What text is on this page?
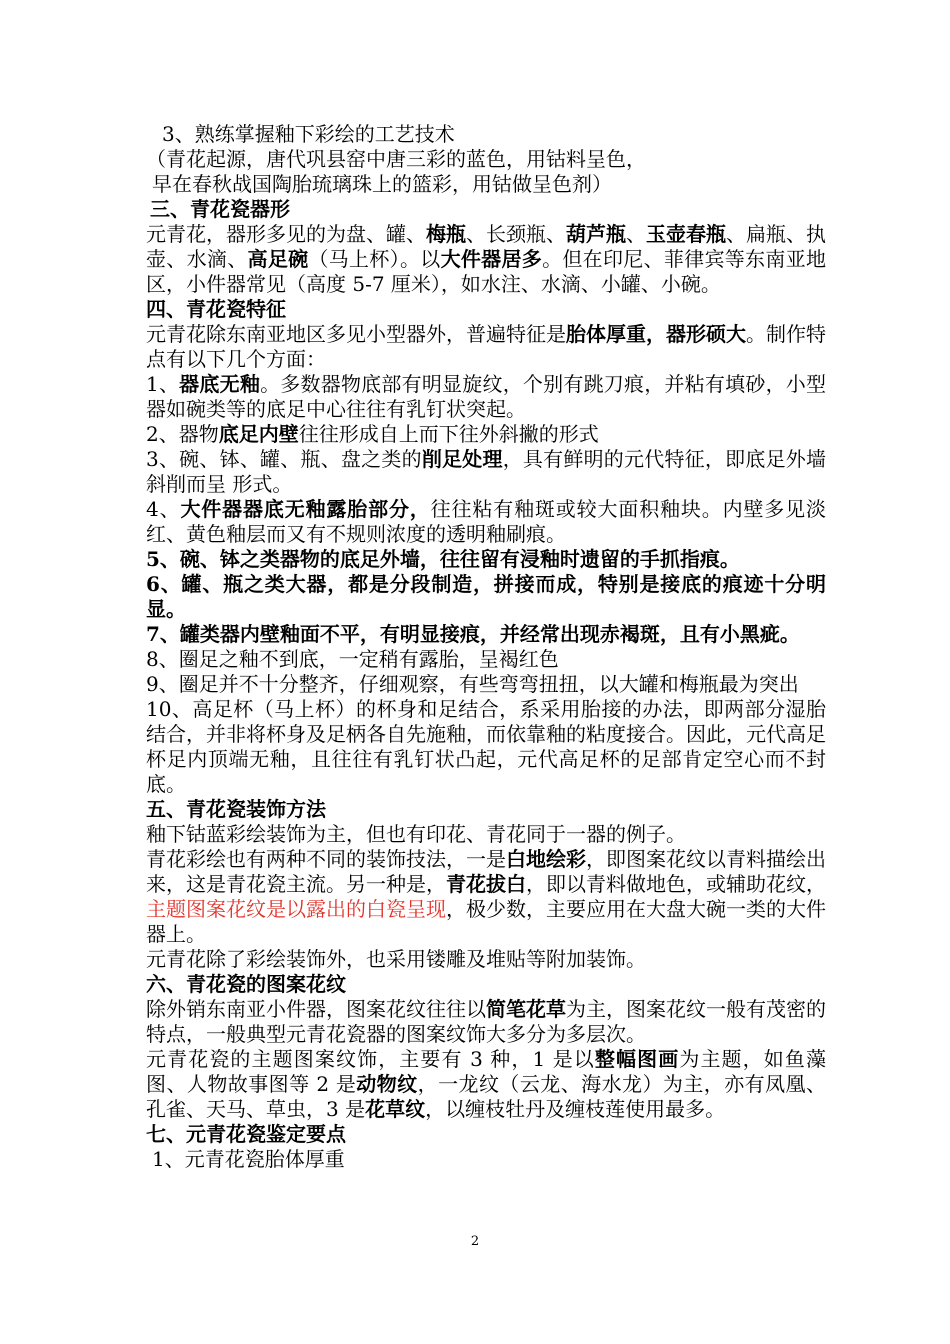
3、熟练掌握釉下彩绘的工艺技术

（青花起源，唐代巩县窑中唐三彩的蓝色，用钴料呈色，

早在春秋战国陶胎琉璃珠上的篮彩，用钴做呈色剂）

三、青花瓷器形

元青花，器形多见的为盘、罐、梅瓶、长颈瓶、葫芦瓶、玉壶春瓶、扁瓶、执壶、水滴、高足碗（马上杯）。以大件器居多。但在印尼、菲律宾等东南亚地区，小件器常见（高度 5-7 厘米），如水注、水滴、小罐、小碗。

四、青花瓷特征

元青花除东南亚地区多见小型器外，普遍特征是胎体厚重，器形硕大。制作特点有以下几个方面：

1、器底无釉。多数器物底部有明显旋纹，个别有跳刀痕，并粘有填砂，小型器如碗类等的底足中心往往有乳钉状突起。

2、器物底足内壁往往形成自上而下往外斜撇的形式

3、碗、钵、罐、瓶、盘之类的削足处理，具有鲜明的元代特征，即底足外墙斜削而呈 形式。

4、大件器器底无釉露胎部分，往往粘有釉斑或较大面积釉块。内壁多见淡红、黄色釉层而又有不规则浓度的透明釉刷痕。

5、碗、钵之类器物的底足外墙，往往留有浸釉时遗留的手抓指痕。

6、罐、瓶之类大器，都是分段制造，拼接而成，特别是接底的痕迹十分明显。

7、罐类器内壁釉面不平，有明显接痕，并经常出现赤褐斑，且有小黑疵。

8、圈足之釉不到底，一定稍有露胎，呈褐红色

9、圈足并不十分整齐，仔细观察，有些弯弯扭扭，以大罐和梅瓶最为突出

10、高足杯（马上杯）的杯身和足结合，系采用胎接的办法，即两部分湿胎结合，并非将杯身及足柄各自先施釉，而依靠釉的粘度接合。因此，元代高足杯足内顶端无釉，且往往有乳钉状凸起，元代高足杯的足部肯定空心而不封底。

五、青花瓷装饰方法

釉下钴蓝彩绘装饰为主，但也有印花、青花同于一器的例子。

青花彩绘也有两种不同的装饰技法，一是白地绘彩，即图案花纹以青料描绘出来，这是青花瓷主流。另一种是，青花拔白，即以青料做地色，或辅助花纹，主题图案花纹是以露出的白瓷呈现，极少数，主要应用在大盘大碗一类的大件器上。

元青花除了彩绘装饰外，也采用镂雕及堆贴等附加装饰。

六、青花瓷的图案花纹

除外销东南亚小件器，图案花纹往往以简笔花草为主，图案花纹一般有茂密的特点，一般典型元青花瓷器的图案纹饰大多分为多层次。

元青花瓷的主题图案纹饰，主要有 3 种，1 是以整幅图画为主题，如鱼藻图、人物故事图等 2 是动物纹，一龙纹（云龙、海水龙）为主，亦有凤凰、孔雀、天马、草虫，3 是花草纹，以缠枝牡丹及缠枝莲使用最多。

七、元青花瓷鉴定要点

1、元青花瓷胎体厚重

2
